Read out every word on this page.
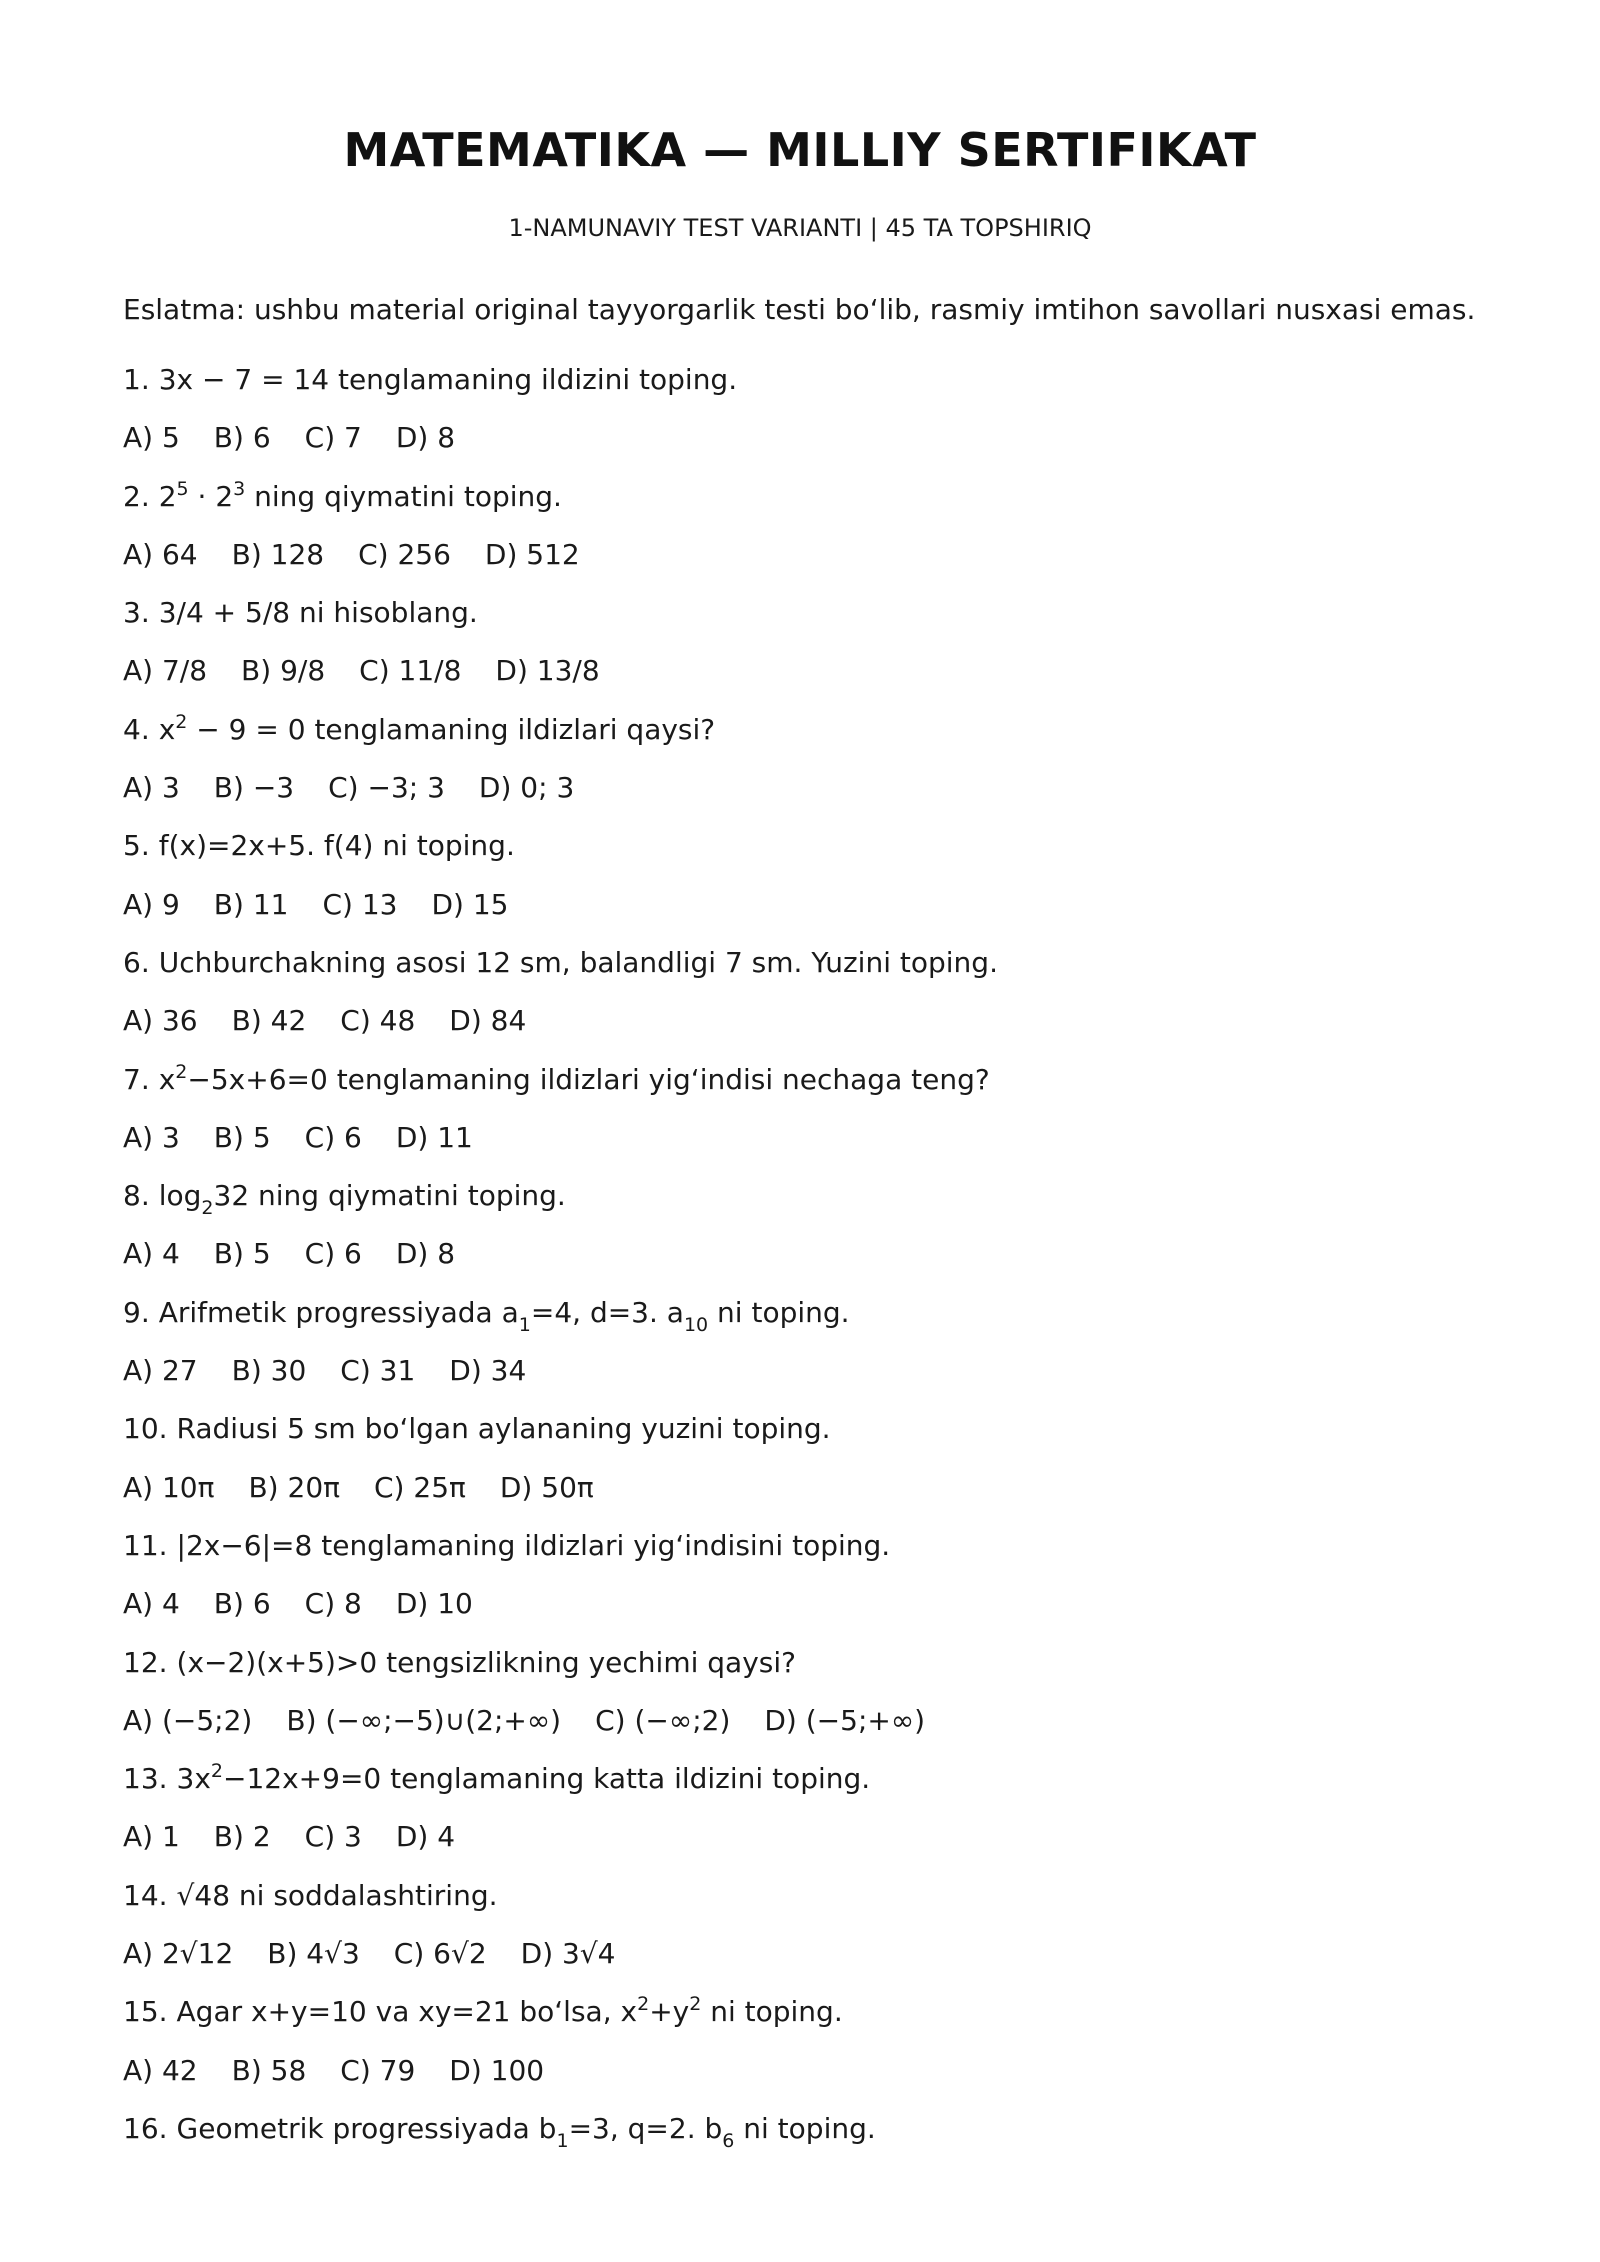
MATEMATIKA — MILLIY SERTIFIKAT
1-NAMUNAVIY TEST VARIANTI | 45 TA TOPSHIRIQ
Eslatma: ushbu material original tayyorgarlik testi bo‘lib, rasmiy imtihon savollari nusxasi emas.
1. 3x − 7 = 14 tenglamaning ildizini toping.
A) 5 B) 6 C) 7 D) 8
2. $2^5 \cdot 2^3$ ning qiymatini toping.
A) 64 B) 128 C) 256 D) 512
3. 3/4 + 5/8 ni hisoblang.
A) 7/8 B) 9/8 C) 11/8 D) 13/8
4. $x^2 - 9 = 0$ tenglamaning ildizlari qaysi?
A) 3 B) −3 C) −3; 3 D) 0; 3
5. f(x)=2x+5. f(4) ni toping.
A) 9 B) 11 C) 13 D) 15
6. Uchburchakning asosi 12 sm, balandligi 7 sm. Yuzini toping.
A) 36 B) 42 C) 48 D) 84
7. $x^2-5x+6=0$ tenglamaning ildizlari yig‘indisi nechaga teng?
A) 3 B) 5 C) 6 D) 11
8. $\log_232$ ning qiymatini toping.
A) 4 B) 5 C) 6 D) 8
9. Arifmetik progressiyada $a_1=4$, d=3. $a_{10}$ ni toping.
A) 27 B) 30 C) 31 D) 34
10. Radiusi 5 sm bo‘lgan aylananing yuzini toping.
A) 10π B) 20π C) 25π D) 50π
11. |2x−6|=8 tenglamaning ildizlari yig‘indisini toping.
A) 4 B) 6 C) 8 D) 10
12. (x−2)(x+5)>0 tengsizlikning yechimi qaysi?
A) (−5;2) B) (−∞;−5)∪(2;+∞) C) (−∞;2) D) (−5;+∞)
13. $3x^2-12x+9=0$ tenglamaning katta ildizini toping.
A) 1 B) 2 C) 3 D) 4
14. √48 ni soddalashtiring.
A) 2√12 B) 4√3 C) 6√2 D) 3√4
15. Agar x+y=10 va xy=21 bo‘lsa, $x^2+y^2$ ni toping.
A) 42 B) 58 C) 79 D) 100
16. Geometrik progressiyada $b_1=3$, q=2. $b_6$ ni toping.
